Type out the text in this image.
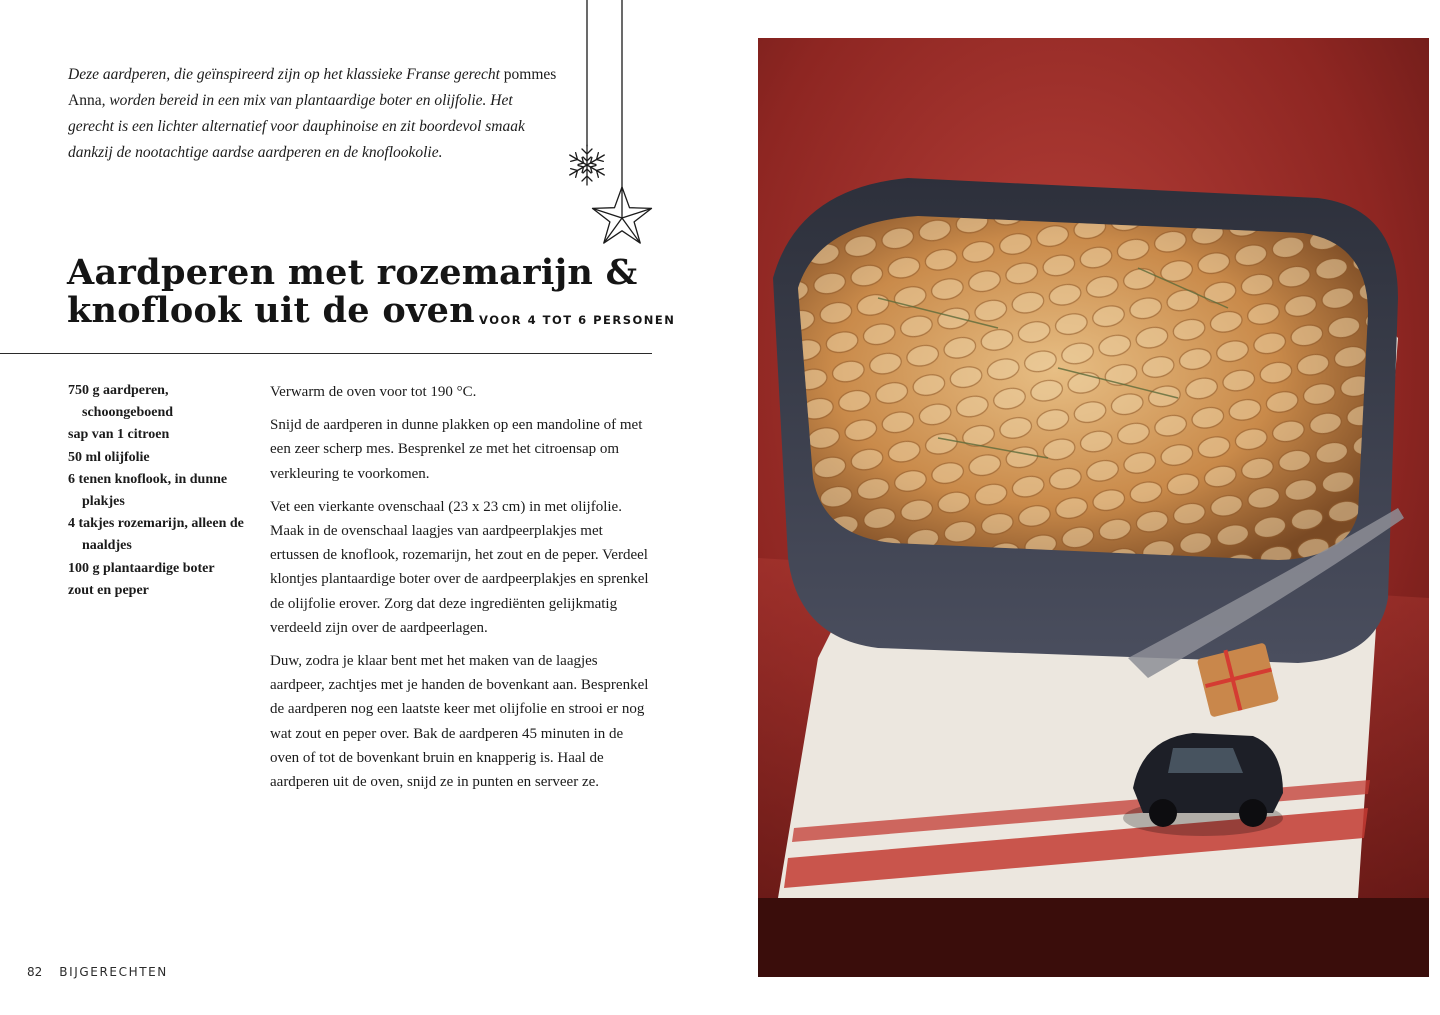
Deze aardperen, die geïnspireerd zijn op het klassieke Franse gerecht pommes Anna, worden bereid in een mix van plantaardige boter en olijfolie. Het gerecht is een lichter alternatief voor dauphinoise en zit boordevol smaak dankzij de nootachtige aardse aardperen en de knoflookolie.

Aardperen met rozemarijn &
knoflook uit de oven VOOR 4 TOT 6 PERSONEN
750 g aardperen, schoongeboend
sap van 1 citroen
50 ml olijfolie
6 tenen knoflook, in dunne plakjes
4 takjes rozemarijn, alleen de naaldjes
100 g plantaardige boter
zout en peper

Verwarm de oven voor tot 190 °C.

Snijd de aardperen in dunne plakken op een mandoline of met een zeer scherp mes. Besprenkel ze met het citroensap om verkleuring te voorkomen.

Vet een vierkante ovenschaal (23 x 23 cm) in met olijfolie. Maak in de ovenschaal laagjes van aardpeerplakjes met ertussen de knoflook, rozemarijn, het zout en de peper. Verdeel klontjes plantaardige boter over de aardpeerplakjes en sprenkel de olijfolie erover. Zorg dat deze ingrediënten gelijkmatig verdeeld zijn over de aardpeerlagen.

Duw, zodra je klaar bent met het maken van de laagjes aardpeer, zachtjes met je handen de bovenkant aan. Besprenkel de aardperen nog een laatste keer met olijfolie en strooi er nog wat zout en peper over. Bak de aardperen 45 minuten in de oven of tot de bovenkant bruin en knapperig is. Haal de aardperen uit de oven, snijd ze in punten en serveer ze.

82 BIJGERECHTEN
